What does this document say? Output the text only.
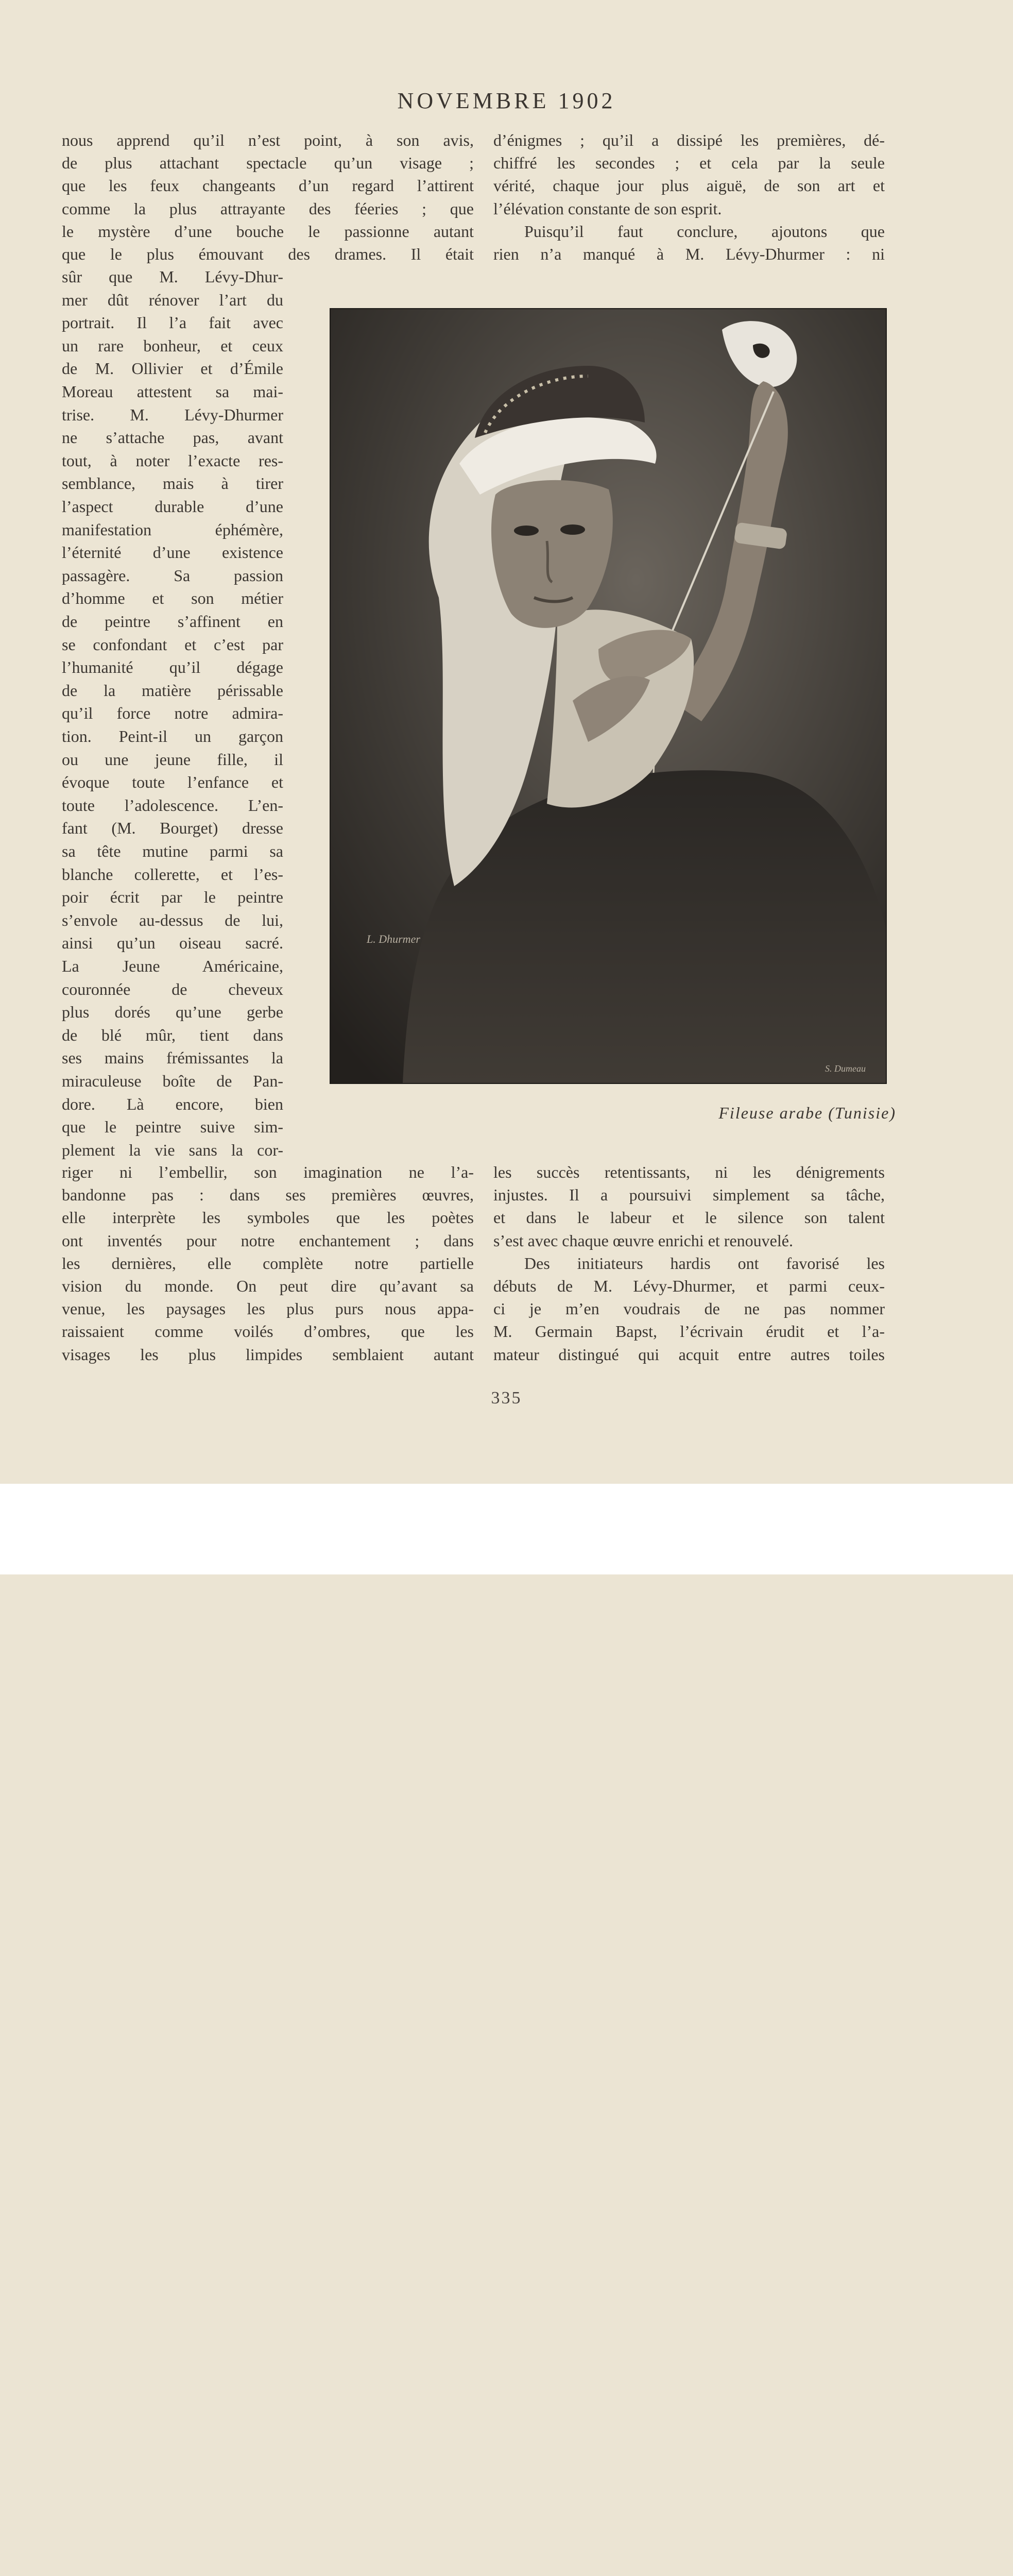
NOVEMBRE 1902
nous apprend qu’il n’est point, à son avis,
de plus attachant spectacle qu’un visage ;
que les feux changeants d’un regard l’attirent
comme la plus attrayante des féeries ; que
le mystère d’une bouche le passionne autant
que le plus émouvant des drames. Il était
sûr que M. Lévy-Dhur-
mer dût rénover l’art du
portrait. Il l’a fait avec
un rare bonheur, et ceux
de M. Ollivier et d’Émile
Moreau attestent sa mai-
trise. M. Lévy-Dhurmer
ne s’attache pas, avant
tout, à noter l’exacte res-
semblance, mais à tirer
l’aspect durable d’une
manifestation éphémère,
l’éternité d’une existence
passagère. Sa passion
d’homme et son métier
de peintre s’affinent en
se confondant et c’est par
l’humanité qu’il dégage
de la matière périssable
qu’il force notre admira-
tion. Peint-il un garçon
ou une jeune fille, il
évoque toute l’enfance et
toute l’adolescence. L’en-
fant (M. Bourget) dresse
sa tête mutine parmi sa
blanche collerette, et l’es-
poir écrit par le peintre
s’envole au-dessus de lui,
ainsi qu’un oiseau sacré.
La Jeune Américaine,
couronnée de cheveux
plus dorés qu’une gerbe
de blé mûr, tient dans
ses mains frémissantes la
miraculeuse boîte de Pan-
dore. Là encore, bien
que le peintre suive sim-
plement la vie sans la cor-
riger ni l’embellir, son imagination ne l’a-
bandonne pas : dans ses premières œuvres,
elle interprète les symboles que les poètes
ont inventés pour notre enchantement ; dans
les dernières, elle complète notre partielle
vision du monde. On peut dire qu’avant sa
venue, les paysages les plus purs nous appa-
raissaient comme voilés d’ombres, que les
visages les plus limpides semblaient autant
d’énigmes ; qu’il a dissipé les premières, dé-
chiffré les secondes ; et cela par la seule
vérité, chaque jour plus aiguë, de son art et
l’élévation constante de son esprit.
Puisqu’il faut conclure, ajoutons que
rien n’a manqué à M. Lévy-Dhurmer : ni
les succès retentissants, ni les dénigrements
injustes. Il a poursuivi simplement sa tâche,
et dans le labeur et le silence son talent
s’est avec chaque œuvre enrichi et renouvelé.
Des initiateurs hardis ont favorisé les
débuts de M. Lévy-Dhurmer, et parmi ceux-
ci je m’en voudrais de ne pas nommer
M. Germain Bapst, l’écrivain érudit et l’a-
mateur distingué qui acquit entre autres toiles
L. Dhurmer
S. Dumeau
Fileuse arabe (Tunisie)
335
